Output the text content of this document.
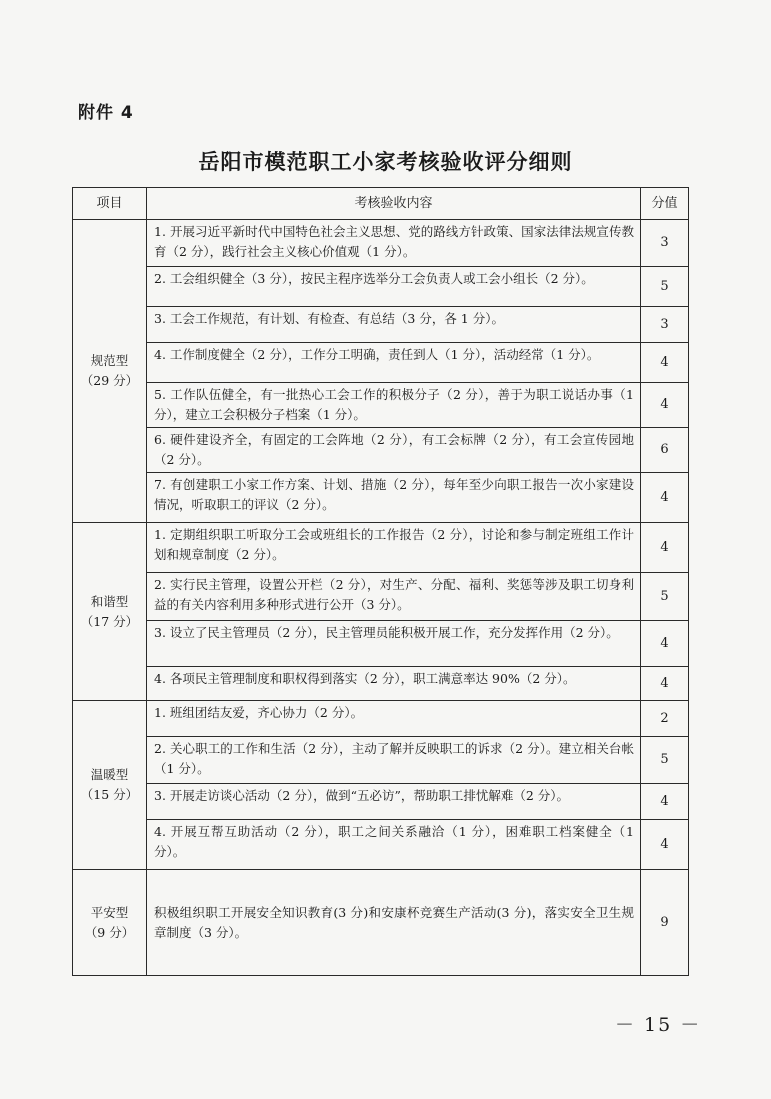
附件 4
岳阳市模范职工小家考核验收评分细则
项目	考核验收内容	分值

规范型
（29 分）	1. 开展习近平新时代中国特色社会主义思想、党的路线方针政策、国家法律法规宣传教育（2 分），践行社会主义核心价值观（1 分）。	3
	2. 工会组织健全（3 分），按民主程序选举分工会负责人或工会小组长（2 分）。	5
	3. 工会工作规范，有计划、有检查、有总结（3 分，各 1 分）。	3
	4. 工作制度健全（2 分），工作分工明确，责任到人（1 分），活动经常（1 分）。	4
	5. 工作队伍健全，有一批热心工会工作的积极分子（2 分），善于为职工说话办事（1 分），建立工会积极分子档案（1 分）。	4
	6. 硬件建设齐全，有固定的工会阵地（2 分），有工会标牌（2 分），有工会宣传园地（2 分）。	6
	7. 有创建职工小家工作方案、计划、措施（2 分），每年至少向职工报告一次小家建设情况，听取职工的评议（2 分）。	4

和谐型
（17 分）	1. 定期组织职工听取分工会或班组长的工作报告（2 分），讨论和参与制定班组工作计划和规章制度（2 分）。	4
	2. 实行民主管理，设置公开栏（2 分），对生产、分配、福利、奖惩等涉及职工切身利益的有关内容利用多种形式进行公开（3 分）。	5
	3. 设立了民主管理员（2 分），民主管理员能积极开展工作，充分发挥作用（2 分）。	4
	4. 各项民主管理制度和职权得到落实（2 分），职工满意率达 90%（2 分）。	4

温暖型
（15 分）	1. 班组团结友爱，齐心协力（2 分）。	2
	2. 关心职工的工作和生活（2 分），主动了解并反映职工的诉求（2 分）。建立相关台帐（1 分）。	5
	3. 开展走访谈心活动（2 分），做到“五必访”，帮助职工排忧解难（2 分）。	4
	4. 开展互帮互助活动（2 分），职工之间关系融洽（1 分），困难职工档案健全（1 分）。	4

平安型
（9 分）	积极组织职工开展安全知识教育(3 分)和安康杯竞赛生产活动(3 分)，落实安全卫生规章制度（3 分）。	9
－ 15 －
